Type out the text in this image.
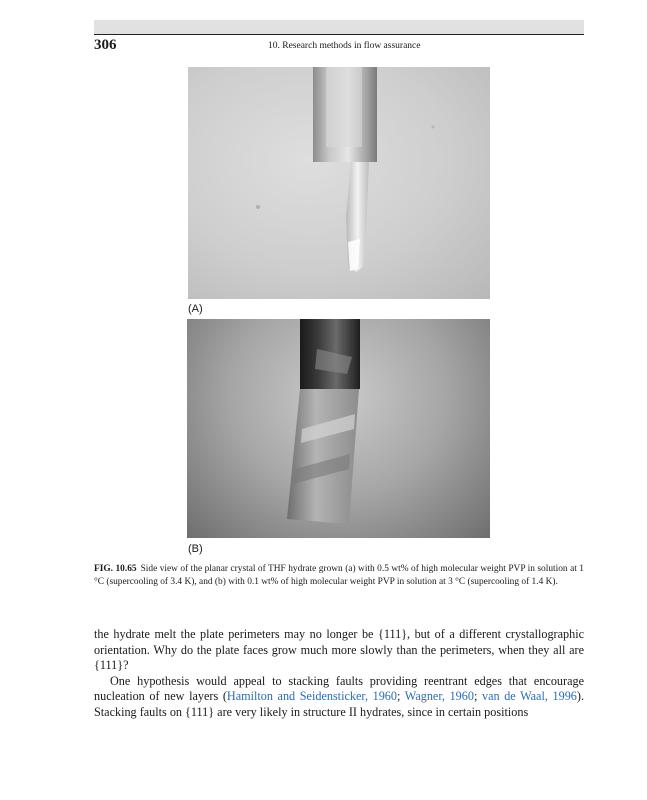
306	10. Research methods in flow assurance
(A)
(B)
FIG. 10.65 Side view of the planar crystal of THF hydrate grown (a) with 0.5 wt% of high molecular weight PVP in solution at 1 °C (supercooling of 3.4 K), and (b) with 0.1 wt% of high molecular weight PVP in solution at 3 °C (supercooling of 1.4 K).

the hydrate melt the plate perimeters may no longer be {111}, but of a different crystallographic orientation. Why do the plate faces grow much more slowly than the perimeters, when they all are {111}?

One hypothesis would appeal to stacking faults providing reentrant edges that encourage nucleation of new layers (Hamilton and Seidensticker, 1960; Wagner, 1960; van de Waal, 1996). Stacking faults on {111} are very likely in structure II hydrates, since in certain positions
